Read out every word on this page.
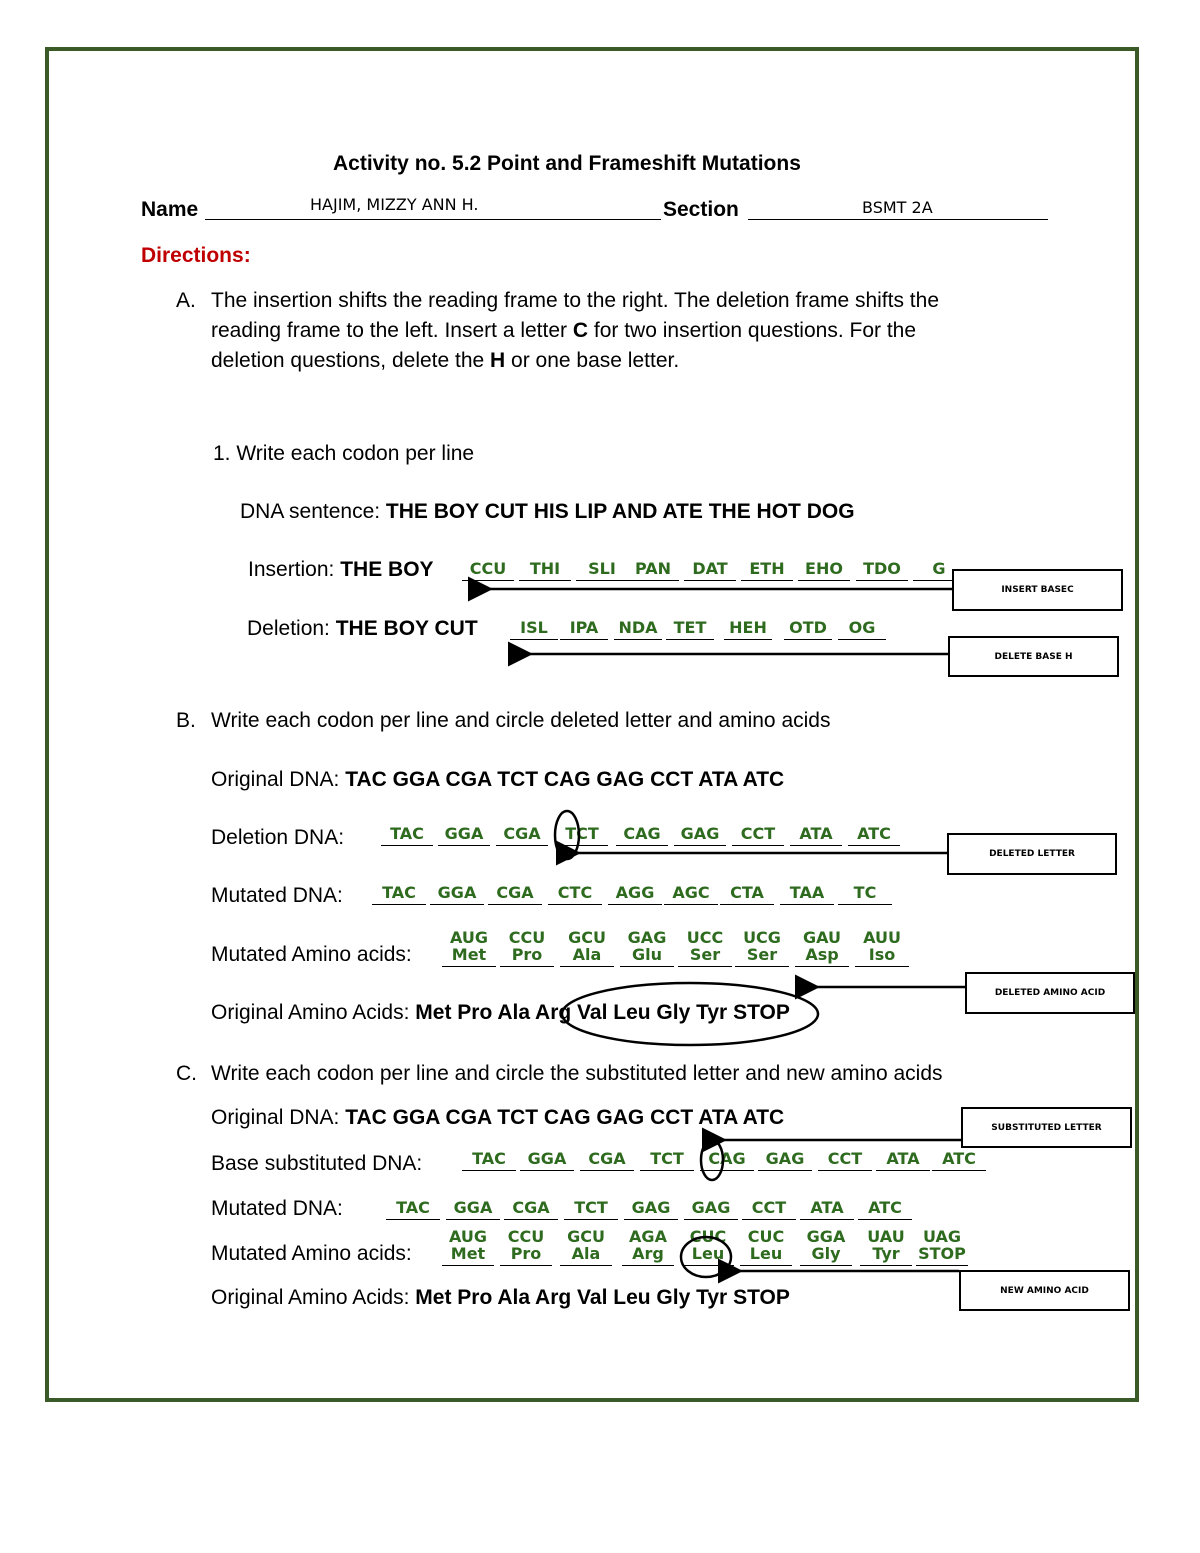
Activity no. 5.2 Point and Frameshift Mutations
Name	HAJIM, MIZZY ANN H.	Section	BSMT 2A
Directions:
A. The insertion shifts the reading frame to the right. The deletion frame shifts the
reading frame to the left. Insert a letter C for two insertion questions. For the
deletion questions, delete the H or one base letter.
1. Write each codon per line
DNA sentence: THE BOY CUT HIS LIP AND ATE THE HOT DOG
Insertion: THE BOY	CCU	THI	SLI	PAN	DAT	ETH	EHO	TDO	G
INSERT BASEC
Deletion: THE BOY CUT	ISL	IPA	NDA	TET	HEH	OTD	OG
DELETE BASE H
B. Write each codon per line and circle deleted letter and amino acids
Original DNA: TAC GGA CGA TCT CAG GAG CCT ATA ATC
Deletion DNA:	TAC	GGA	CGA	TCT	CAG	GAG	CCT	ATA	ATC
DELETED LETTER
Mutated DNA:	TAC	GGA	CGA	CTC	AGG	AGC	CTA	TAA	TC
Mutated Amino acids:
AUG	CCU	GCU	GAG	UCC	UCG	GAU	AUU
Met	Pro	Ala	Glu	Ser	Ser	Asp	Iso
DELETED AMINO ACID
Original Amino Acids: Met Pro Ala Arg Val Leu Gly Tyr STOP
C. Write each codon per line and circle the substituted letter and new amino acids
Original DNA: TAC GGA CGA TCT CAG GAG CCT ATA ATC	SUBSTITUTED LETTER
Base substituted DNA:	TAC	GGA	CGA	TCT	CAG	GAG	CCT	ATA	ATC
Mutated DNA:	TAC	GGA	CGA	TCT	GAG	GAG	CCT	ATA	ATC
Mutated Amino acids:
AUG	CCU	GCU	AGA	CUC	CUC	GGA	UAU	UAG
Met	Pro	Ala	Arg	Leu	Leu	Gly	Tyr	STOP
NEW AMINO ACID
Original Amino Acids: Met Pro Ala Arg Val Leu Gly Tyr STOP
